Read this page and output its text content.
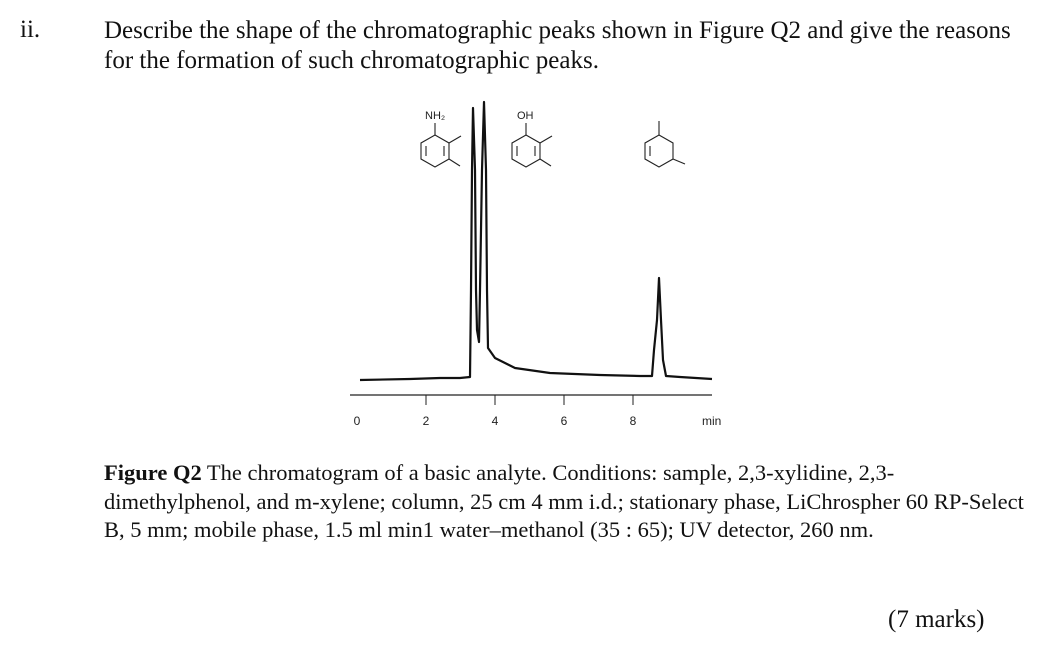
ii.	Describe the shape of the chromatographic peaks shown in Figure Q2 and give the reasons for the formation of such chromatographic peaks.
0	2	4	6	8	min
NH₂	OH
Figure Q2 The chromatogram of a basic analyte. Conditions: sample, 2,3-xylidine, 2,3-dimethylphenol, and m-xylene; column, 25 cm 4 mm i.d.; stationary phase, LiChrospher 60 RP-Select B, 5 mm; mobile phase, 1.5 ml min1 water–methanol (35 : 65); UV detector, 260 nm.
(7 marks)
